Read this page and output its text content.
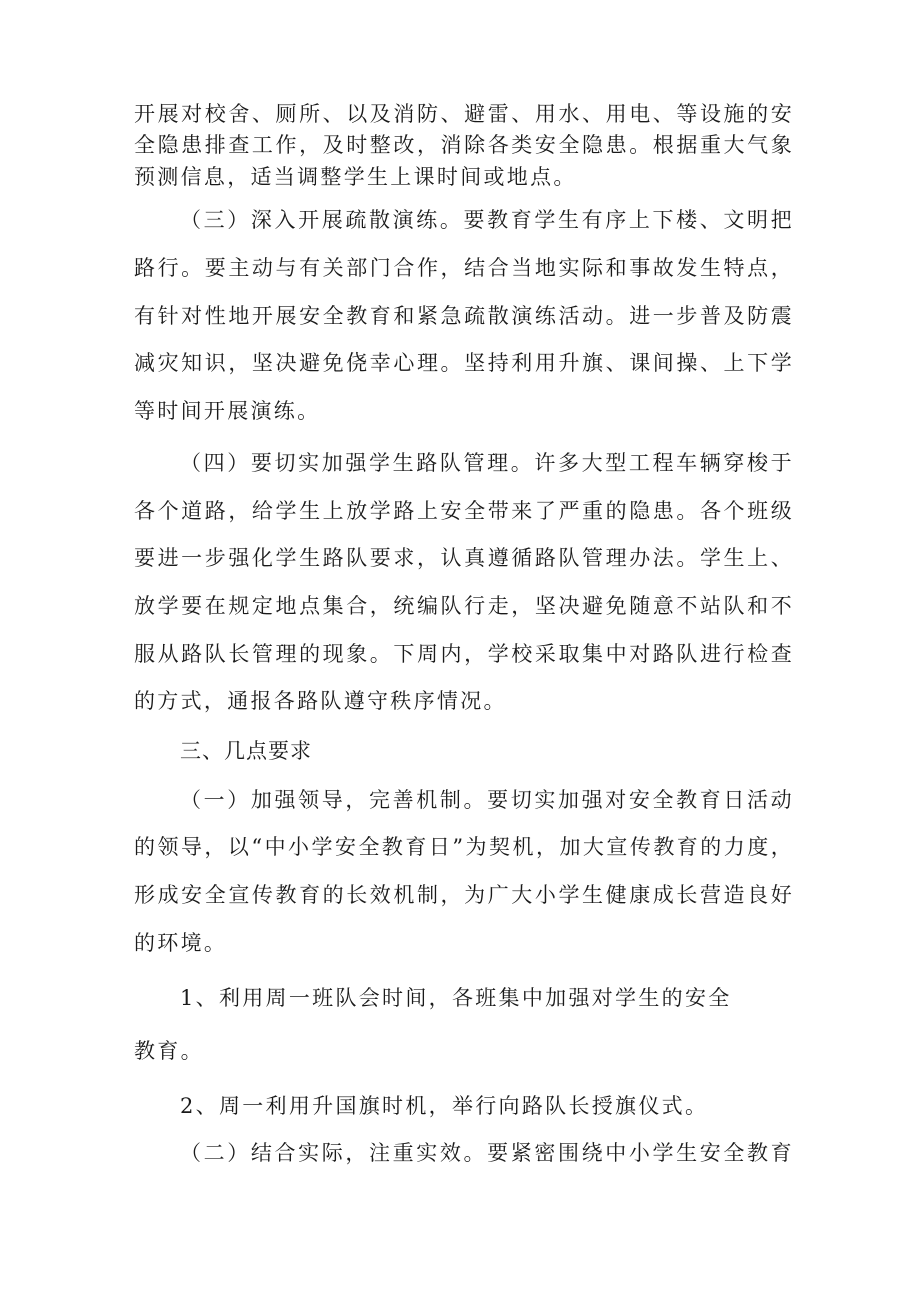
开展对校舍、厕所、以及消防、避雷、用水、用电、等设施的安
全隐患排查工作，及时整改，消除各类安全隐患。根据重大气象
预测信息，适当调整学生上课时间或地点。
（三）深入开展疏散演练。要教育学生有序上下楼、文明把
路行。要主动与有关部门合作，结合当地实际和事故发生特点，
有针对性地开展安全教育和紧急疏散演练活动。进一步普及防震
减灾知识，坚决避免侥幸心理。坚持利用升旗、课间操、上下学
等时间开展演练。
（四）要切实加强学生路队管理。许多大型工程车辆穿梭于
各个道路，给学生上放学路上安全带来了严重的隐患。各个班级
要进一步强化学生路队要求，认真遵循路队管理办法。学生上、
放学要在规定地点集合，统编队行走，坚决避免随意不站队和不
服从路队长管理的现象。下周内，学校采取集中对路队进行检查
的方式，通报各路队遵守秩序情况。
三、几点要求
（一）加强领导，完善机制。要切实加强对安全教育日活动
的领导，以“中小学安全教育日”为契机，加大宣传教育的力度，
形成安全宣传教育的长效机制，为广大小学生健康成长营造良好
的环境。
1、利用周一班队会时间，各班集中加强对学生的安全
教育。
2、周一利用升国旗时机，举行向路队长授旗仪式。
（二）结合实际，注重实效。要紧密围绕中小学生安全教育
